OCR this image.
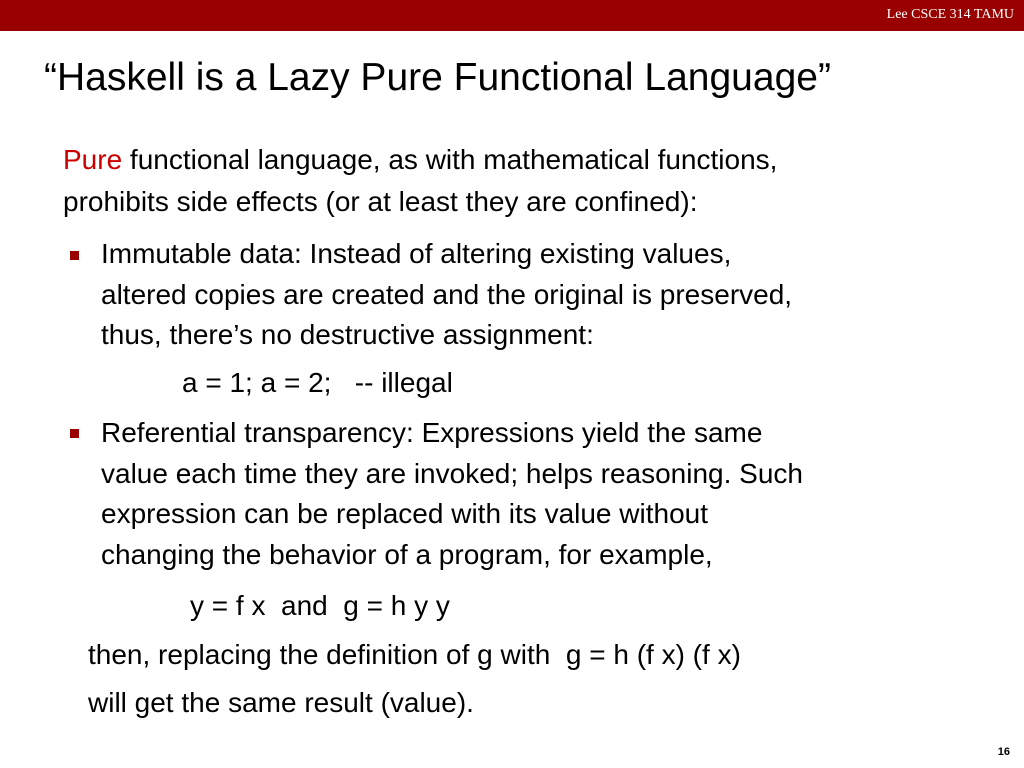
Lee CSCE 314 TAMU
“Haskell is a Lazy Pure Functional Language”
Pure functional language, as with mathematical functions,
prohibits side effects (or at least they are confined):
Immutable data: Instead of altering existing values,
altered copies are created and the original is preserved,
thus, there’s no destructive assignment:
a = 1; a = 2;   -- illegal
Referential transparency: Expressions yield the same
value each time they are invoked; helps reasoning. Such
expression can be replaced with its value without
changing the behavior of a program, for example,
y = f x  and  g = h y y
then, replacing the definition of g with  g = h (f x) (f x)
will get the same result (value).
16
